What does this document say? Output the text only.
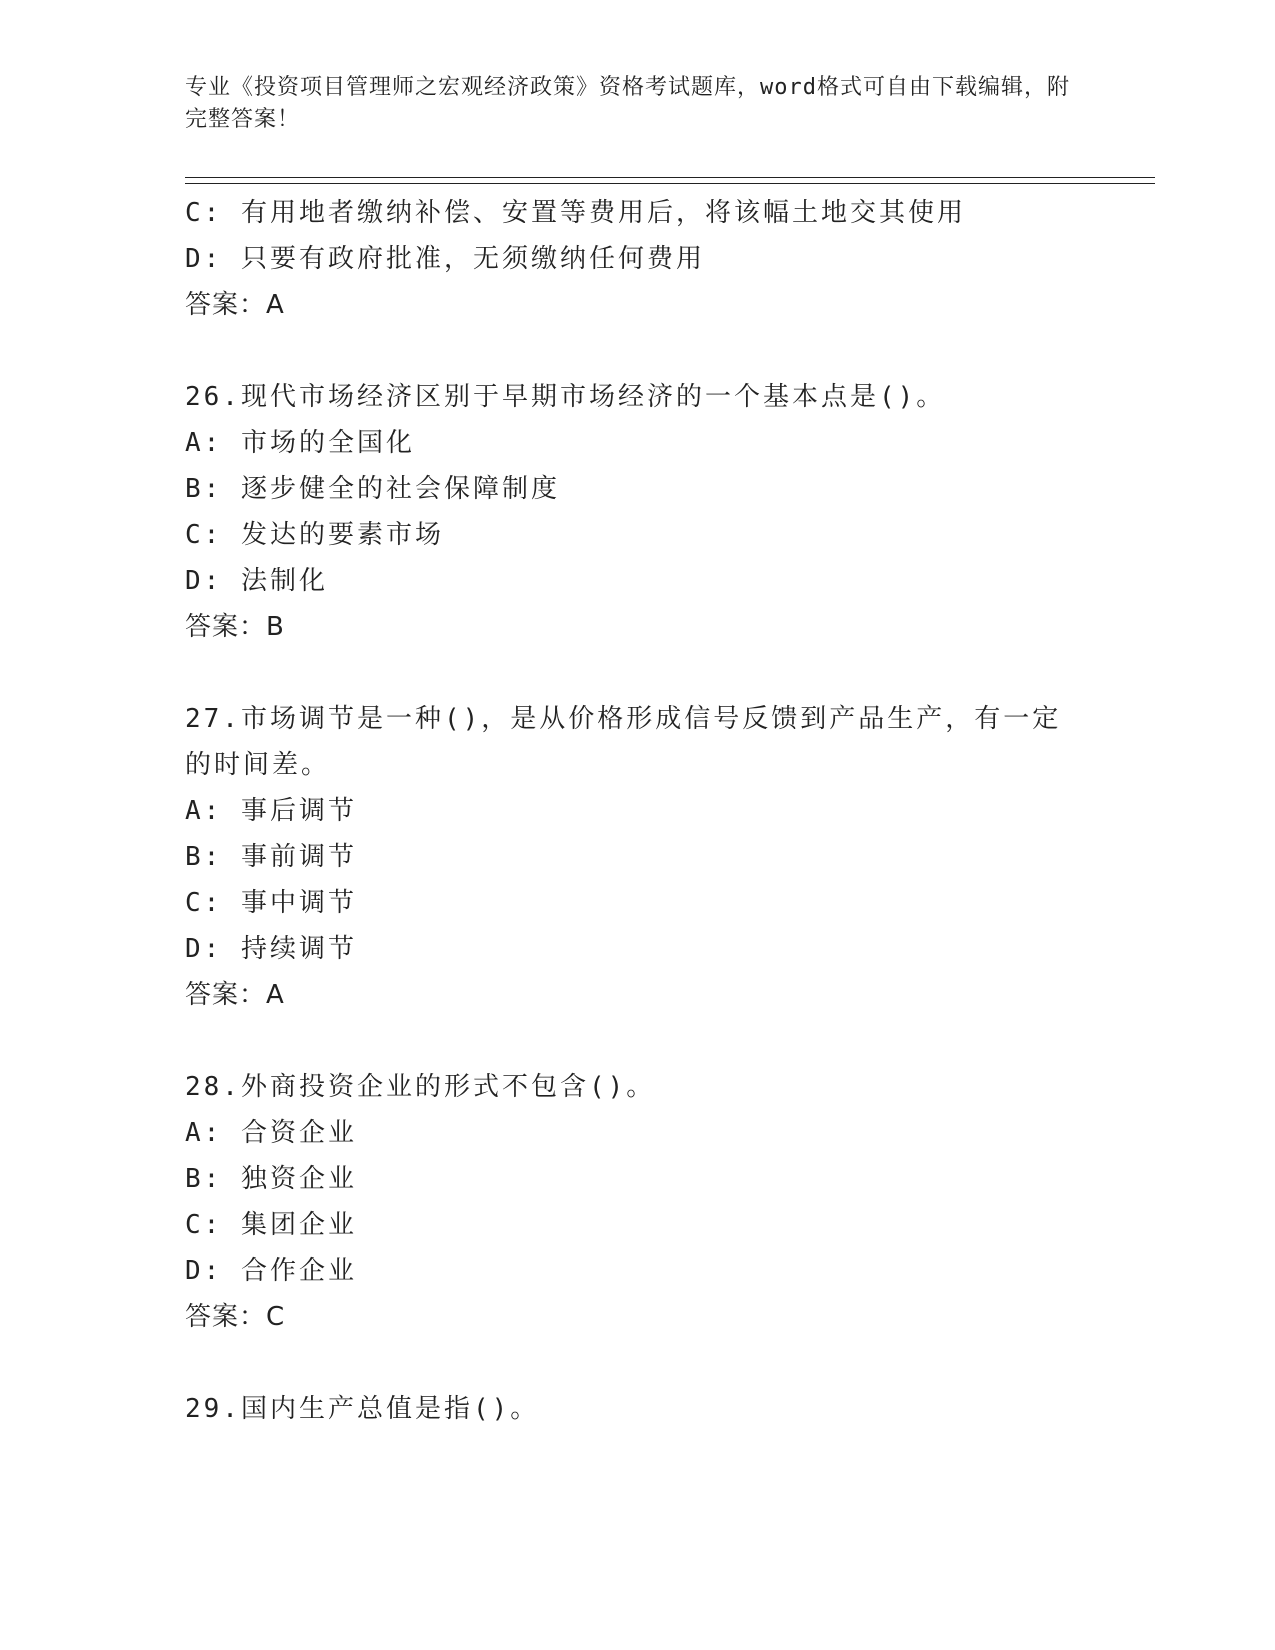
专业《投资项目管理师之宏观经济政策》资格考试题库，word格式可自由下载编辑，附完整答案！
C: 有用地者缴纳补偿、安置等费用后，将该幅土地交其使用
D: 只要有政府批准，无须缴纳任何费用
答案：A
26.现代市场经济区别于早期市场经济的一个基本点是()。
A: 市场的全国化
B: 逐步健全的社会保障制度
C: 发达的要素市场
D: 法制化
答案：B
27.市场调节是一种()，是从价格形成信号反馈到产品生产，有一定的时间差。
A: 事后调节
B: 事前调节
C: 事中调节
D: 持续调节
答案：A
28.外商投资企业的形式不包含()。
A: 合资企业
B: 独资企业
C: 集团企业
D: 合作企业
答案：C
29.国内生产总值是指()。
